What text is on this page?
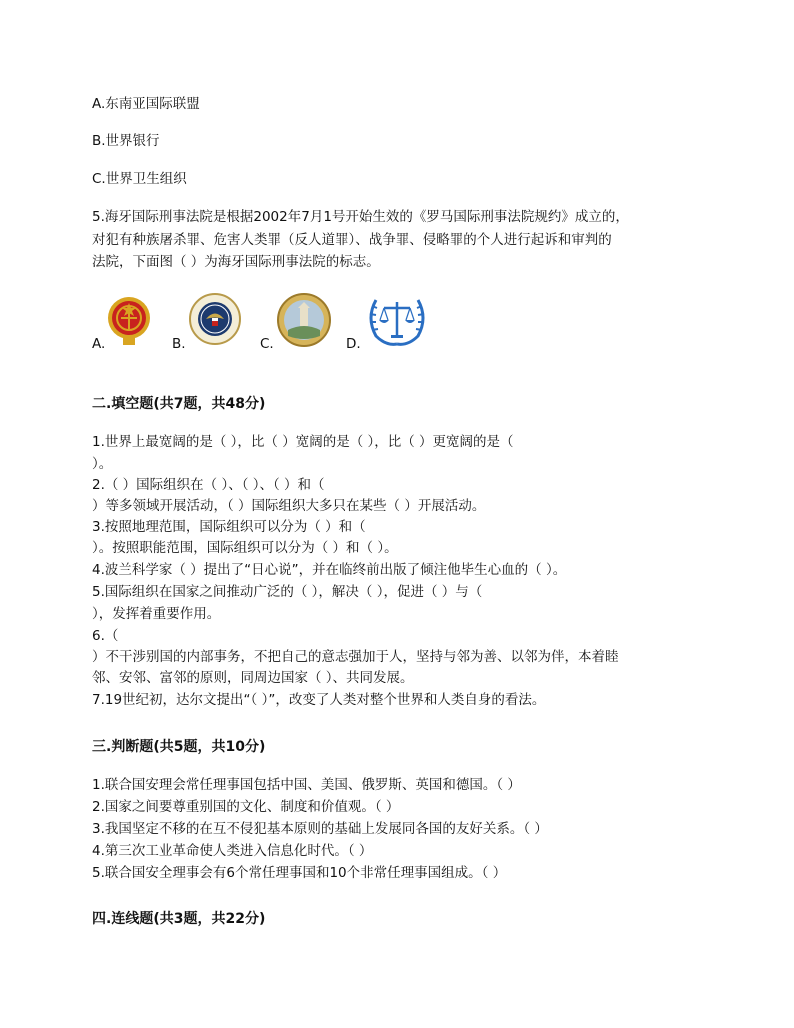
A.东南亚国际联盟
B.世界银行
C.世界卫生组织
5.海牙国际刑事法院是根据2002年7月1号开始生效的《罗马国际刑事法院规约》成立的，
对犯有种族屠杀罪、危害人类罪（反人道罪）、战争罪、侵略罪的个人进行起诉和审判的
法院，下面图（ ）为海牙国际刑事法院的标志。
A.	B.	C.	D.
二.填空题(共7题，共48分)
1.世界上最宽阔的是（ ），比（ ）宽阔的是（ ），比（ ）更宽阔的是（
）。
2.（ ）国际组织在（ ）、（ ）、（ ）和（
）等多领域开展活动，（ ）国际组织大多只在某些（ ）开展活动。
3.按照地理范围，国际组织可以分为（ ）和（
）。按照职能范围，国际组织可以分为（ ）和（ ）。
4.波兰科学家（ ）提出了“日心说”，并在临终前出版了倾注他毕生心血的（ ）。
5.国际组织在国家之间推动广泛的（ ），解决（ ），促进（ ）与（
），发挥着重要作用。
6.（
）不干涉别国的内部事务，不把自己的意志强加于人，坚持与邻为善、以邻为伴，本着睦
邻、安邻、富邻的原则，同周边国家（ ）、共同发展。
7.19世纪初，达尔文提出“（ ）”，改变了人类对整个世界和人类自身的看法。
三.判断题(共5题，共10分)
1.联合国安理会常任理事国包括中国、美国、俄罗斯、英国和德国。（ ）
2.国家之间要尊重别国的文化、制度和价值观。（ ）
3.我国坚定不移的在互不侵犯基本原则的基础上发展同各国的友好关系。（ ）
4.第三次工业革命使人类进入信息化时代。（ ）
5.联合国安全理事会有6个常任理事国和10个非常任理事国组成。（ ）
四.连线题(共3题，共22分)
